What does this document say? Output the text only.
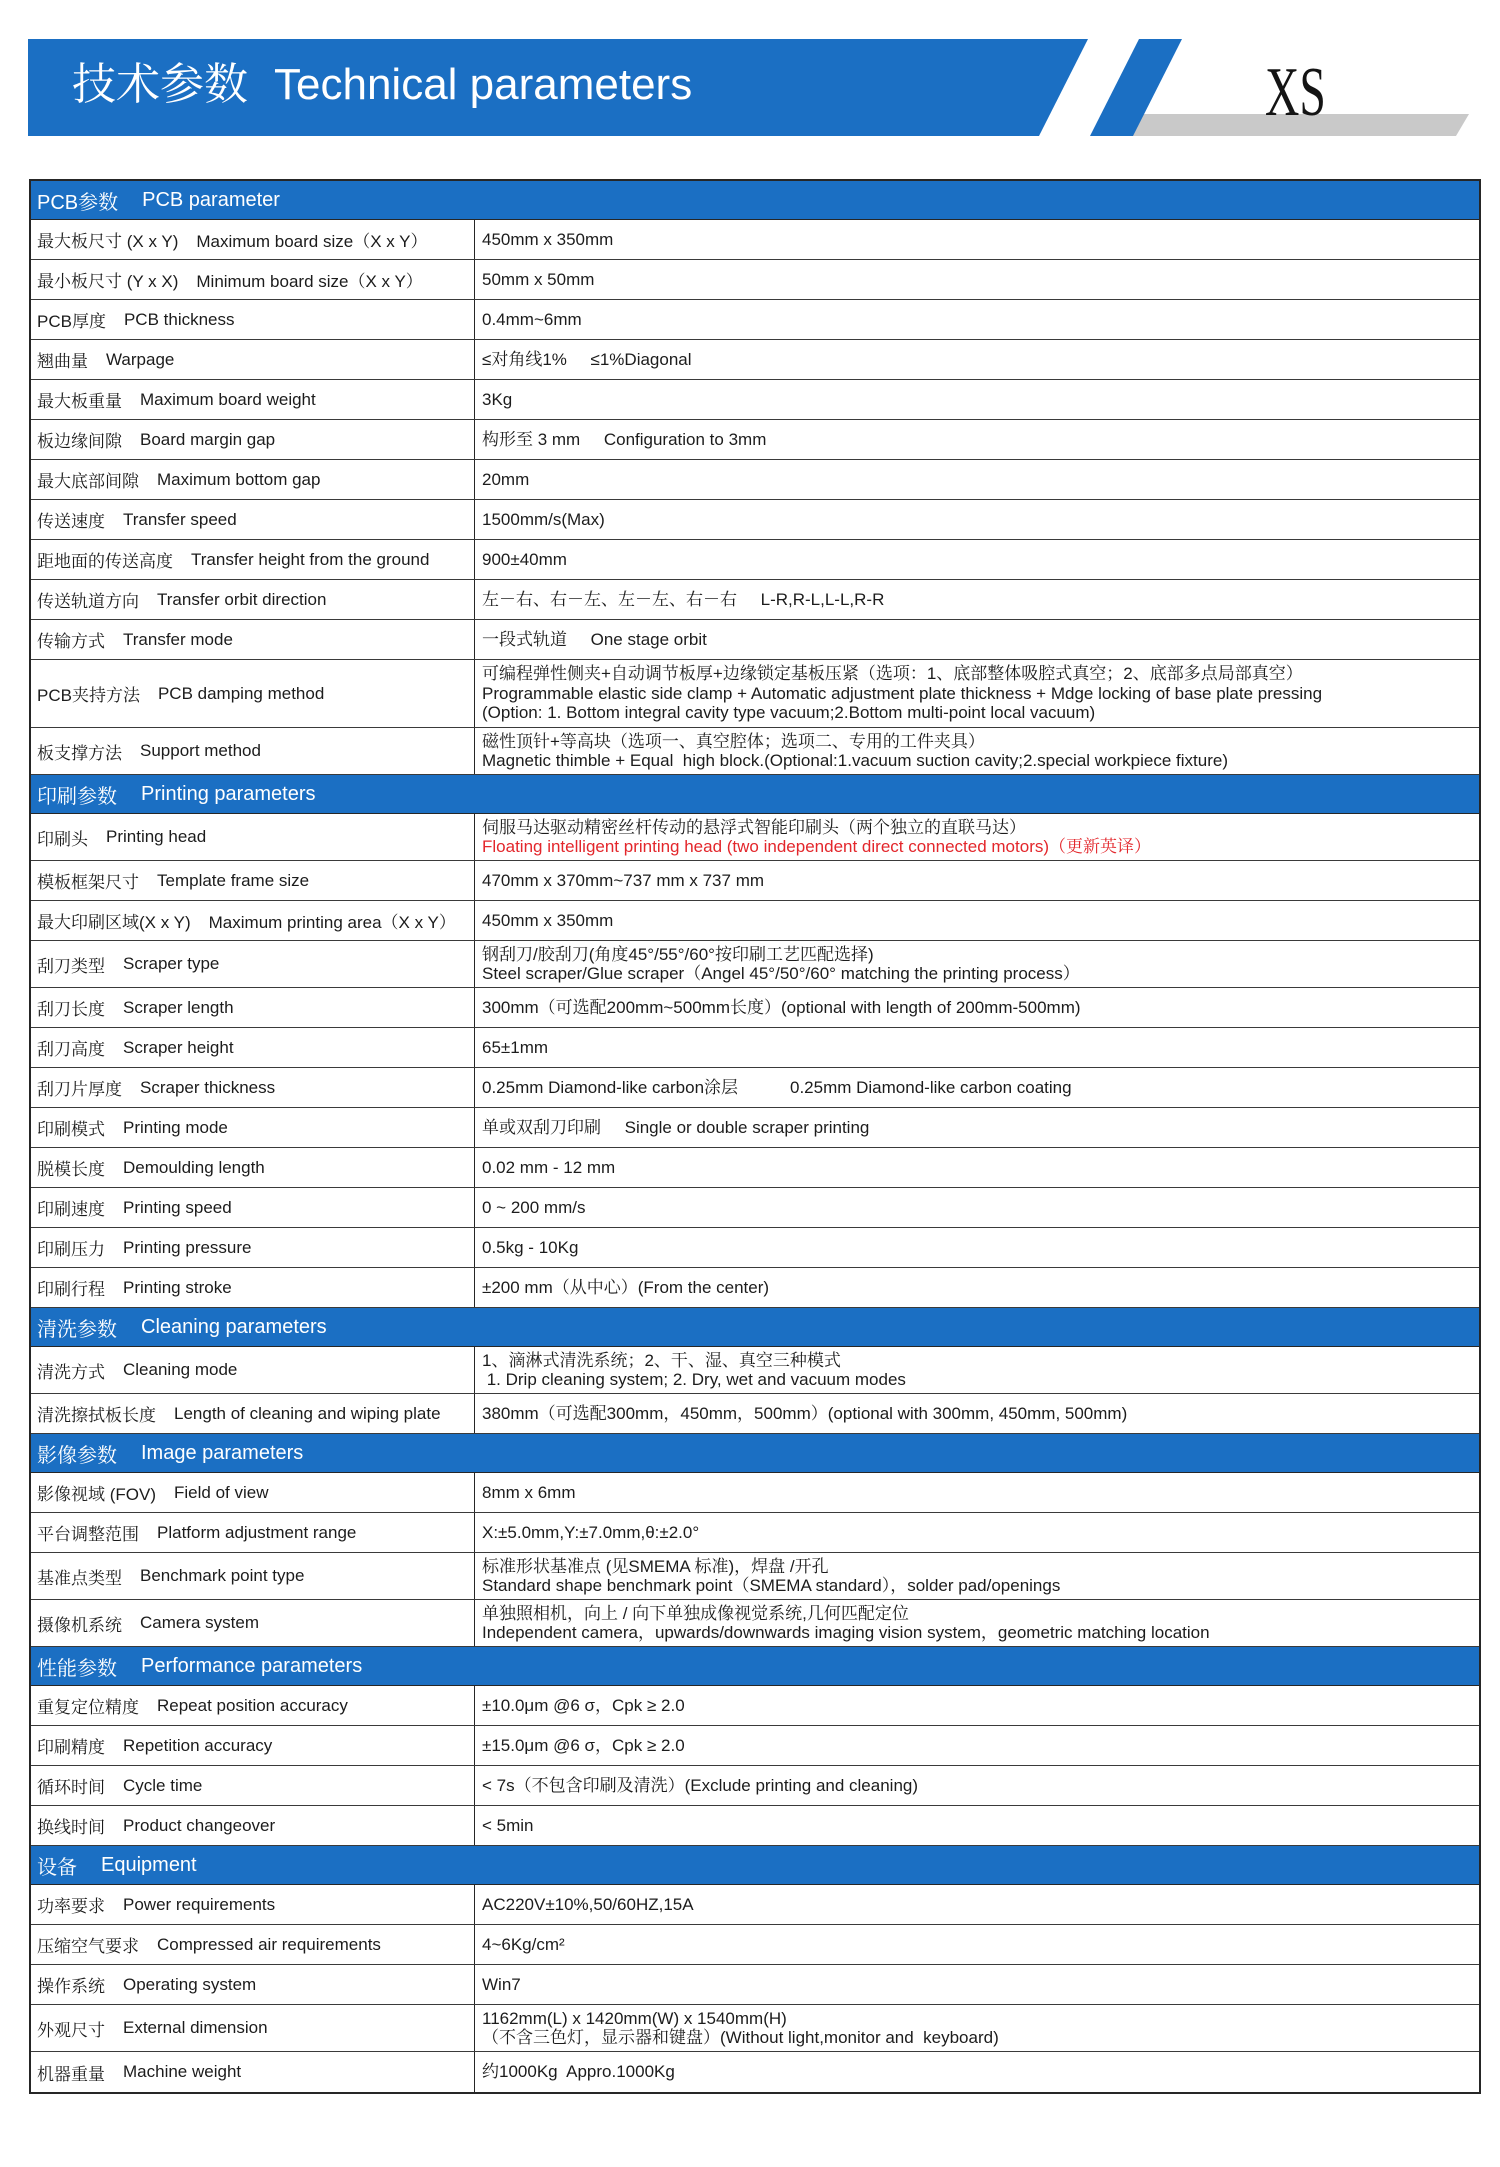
技术参数 Technical parameters	XS
PCB参数 PCB parameter
最大板尺寸 (X x Y) Maximum board size（X x Y）	450mm x 350mm
最小板尺寸 (Y x X) Minimum board size（X x Y）	50mm x 50mm
PCB厚度 PCB thickness	0.4mm~6mm
翘曲量 Warpage	≤对角线1%     ≤1%Diagonal
最大板重量 Maximum board weight	3Kg
板边缘间隙 Board margin gap	构形至 3 mm     Configuration to 3mm
最大底部间隙 Maximum bottom gap	20mm
传送速度 Transfer speed	1500mm/s(Max)
距地面的传送高度 Transfer height from the ground	900±40mm
传送轨道方向 Transfer orbit direction	左－右、右－左、左－左、右－右     L-R,R-L,L-L,R-R
传输方式 Transfer mode	一段式轨道     One stage orbit
PCB夹持方法 PCB damping method
可编程弹性侧夹+自动调节板厚+边缘锁定基板压紧（选项：1、底部整体吸腔式真空；2、底部多点局部真空）
Programmable elastic side clamp + Automatic adjustment plate thickness + Mdge locking of base plate pressing
(Option: 1. Bottom integral cavity type vacuum;2.Bottom multi-point local vacuum)
板支撑方法 Support method	磁性顶针+等高块（选项一、真空腔体；选项二、专用的工件夹具）
Magnetic thimble + Equal  high block.(Optional:1.vacuum suction cavity;2.special workpiece fixture)
印刷参数 Printing parameters
印刷头 Printing head	伺服马达驱动精密丝杆传动的悬浮式智能印刷头（两个独立的直联马达）
Floating intelligent printing head (two independent direct connected motors)（更新英译）
模板框架尺寸 Template frame size	470mm x 370mm~737 mm x 737 mm
最大印刷区域(X x Y) Maximum printing area（X x Y） 450mm x 350mm
刮刀类型 Scraper type	钢刮刀/胶刮刀(角度45°/55°/60°按印刷工艺匹配选择)
Steel scraper/Glue scraper（Angel 45°/50°/60° matching the printing process）
刮刀长度 Scraper length	300mm（可选配200mm~500mm长度）(optional with length of 200mm-500mm)
刮刀高度 Scraper height	65±1mm
刮刀片厚度 Scraper thickness	0.25mm Diamond-like carbon涂层           0.25mm Diamond-like carbon coating
印刷模式 Printing mode	单或双刮刀印刷     Single or double scraper printing
脱模长度 Demoulding length	0.02 mm - 12 mm
印刷速度 Printing speed	0 ~ 200 mm/s
印刷压力 Printing pressure	0.5kg - 10Kg
印刷行程 Printing stroke	±200 mm（从中心）(From the center)
清洗参数 Cleaning parameters
清洗方式 Cleaning mode	1、滴淋式清洗系统；2、干、湿、真空三种模式
1. Drip cleaning system; 2. Dry, wet and vacuum modes
清洗擦拭板长度 Length of cleaning and wiping plate 380mm（可选配300mm，450mm，500mm）(optional with 300mm, 450mm, 500mm)
影像参数 Image parameters
影像视域 (FOV) Field of view	8mm x 6mm
平台调整范围 Platform adjustment range	X:±5.0mm,Y:±7.0mm,θ:±2.0°
基准点类型 Benchmark point type	标准形状基准点 (见SMEMA 标准)，焊盘 /开孔
Standard shape benchmark point（SMEMA standard），solder pad/openings
摄像机系统 Camera system	单独照相机，向上 / 向下单独成像视觉系统,几何匹配定位
Independent camera，upwards/downwards imaging vision system，geometric matching location
性能参数 Performance parameters
重复定位精度 Repeat position accuracy	±10.0μm @6 σ，Cpk ≥ 2.0
印刷精度 Repetition accuracy	±15.0μm @6 σ，Cpk ≥ 2.0
循环时间 Cycle time	< 7s（不包含印刷及清洗）(Exclude printing and cleaning)
换线时间 Product changeover	< 5min
设备 Equipment
功率要求 Power requirements	AC220V±10%,50/60HZ,15A
压缩空气要求 Compressed air requirements	4~6Kg/cm²
操作系统 Operating system	Win7
外观尺寸 External dimension	1162mm(L) x 1420mm(W) x 1540mm(H)
（不含三色灯，显示器和键盘）(Without light,monitor and  keyboard)
机器重量 Machine weight	约1000Kg  Appro.1000Kg
